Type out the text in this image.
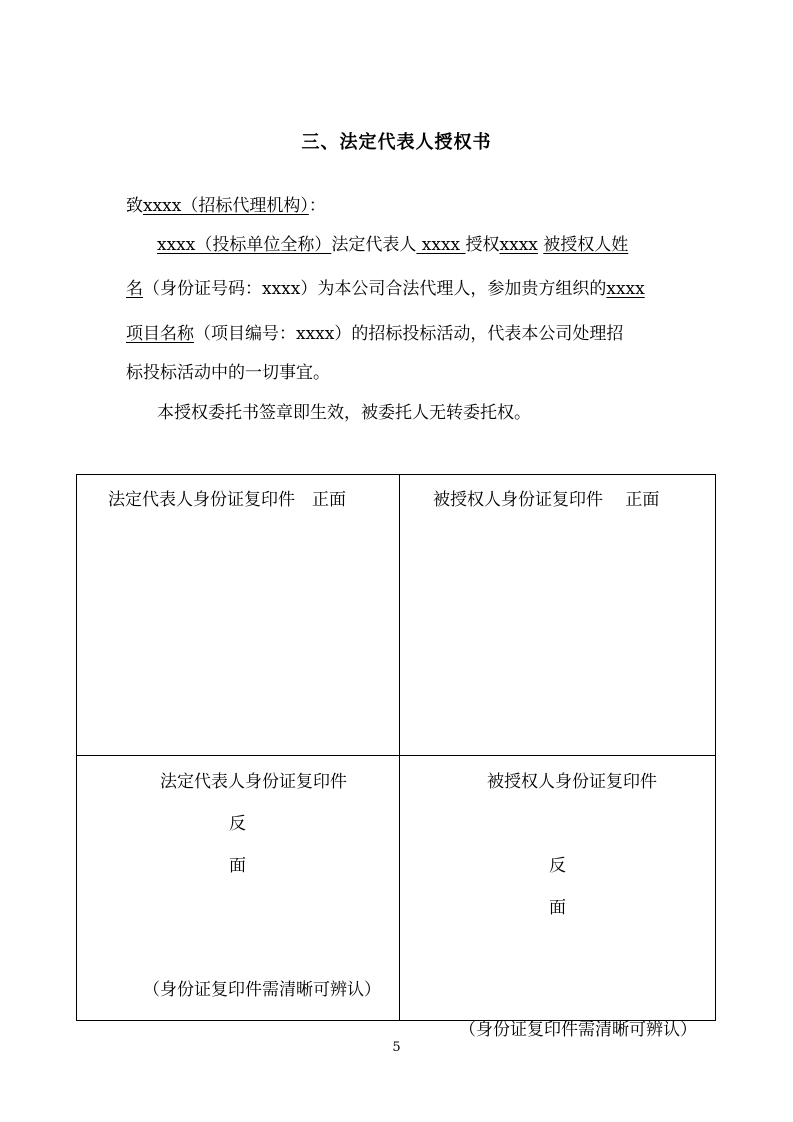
三、法定代表人授权书
致xxxx（招标代理机构）：
xxxx（投标单位全称）法定代表人 xxxx 授权xxxx 被授权人姓
名（身份证号码：xxxx）为本公司合法代理人，参加贵方组织的xxxx
项目名称（项目编号：xxxx）的招标投标活动，代表本公司处理招
标投标活动中的一切事宜。
本授权委托书签章即生效，被委托人无转委托权。
法定代表人身份证复印件　正面	被授权人身份证复印件　 正面
法定代表人身份证复印件
反
面
（身份证复印件需清晰可辨认）
被授权人身份证复印件
反
面
（身份证复印件需清晰可辨认）
5
